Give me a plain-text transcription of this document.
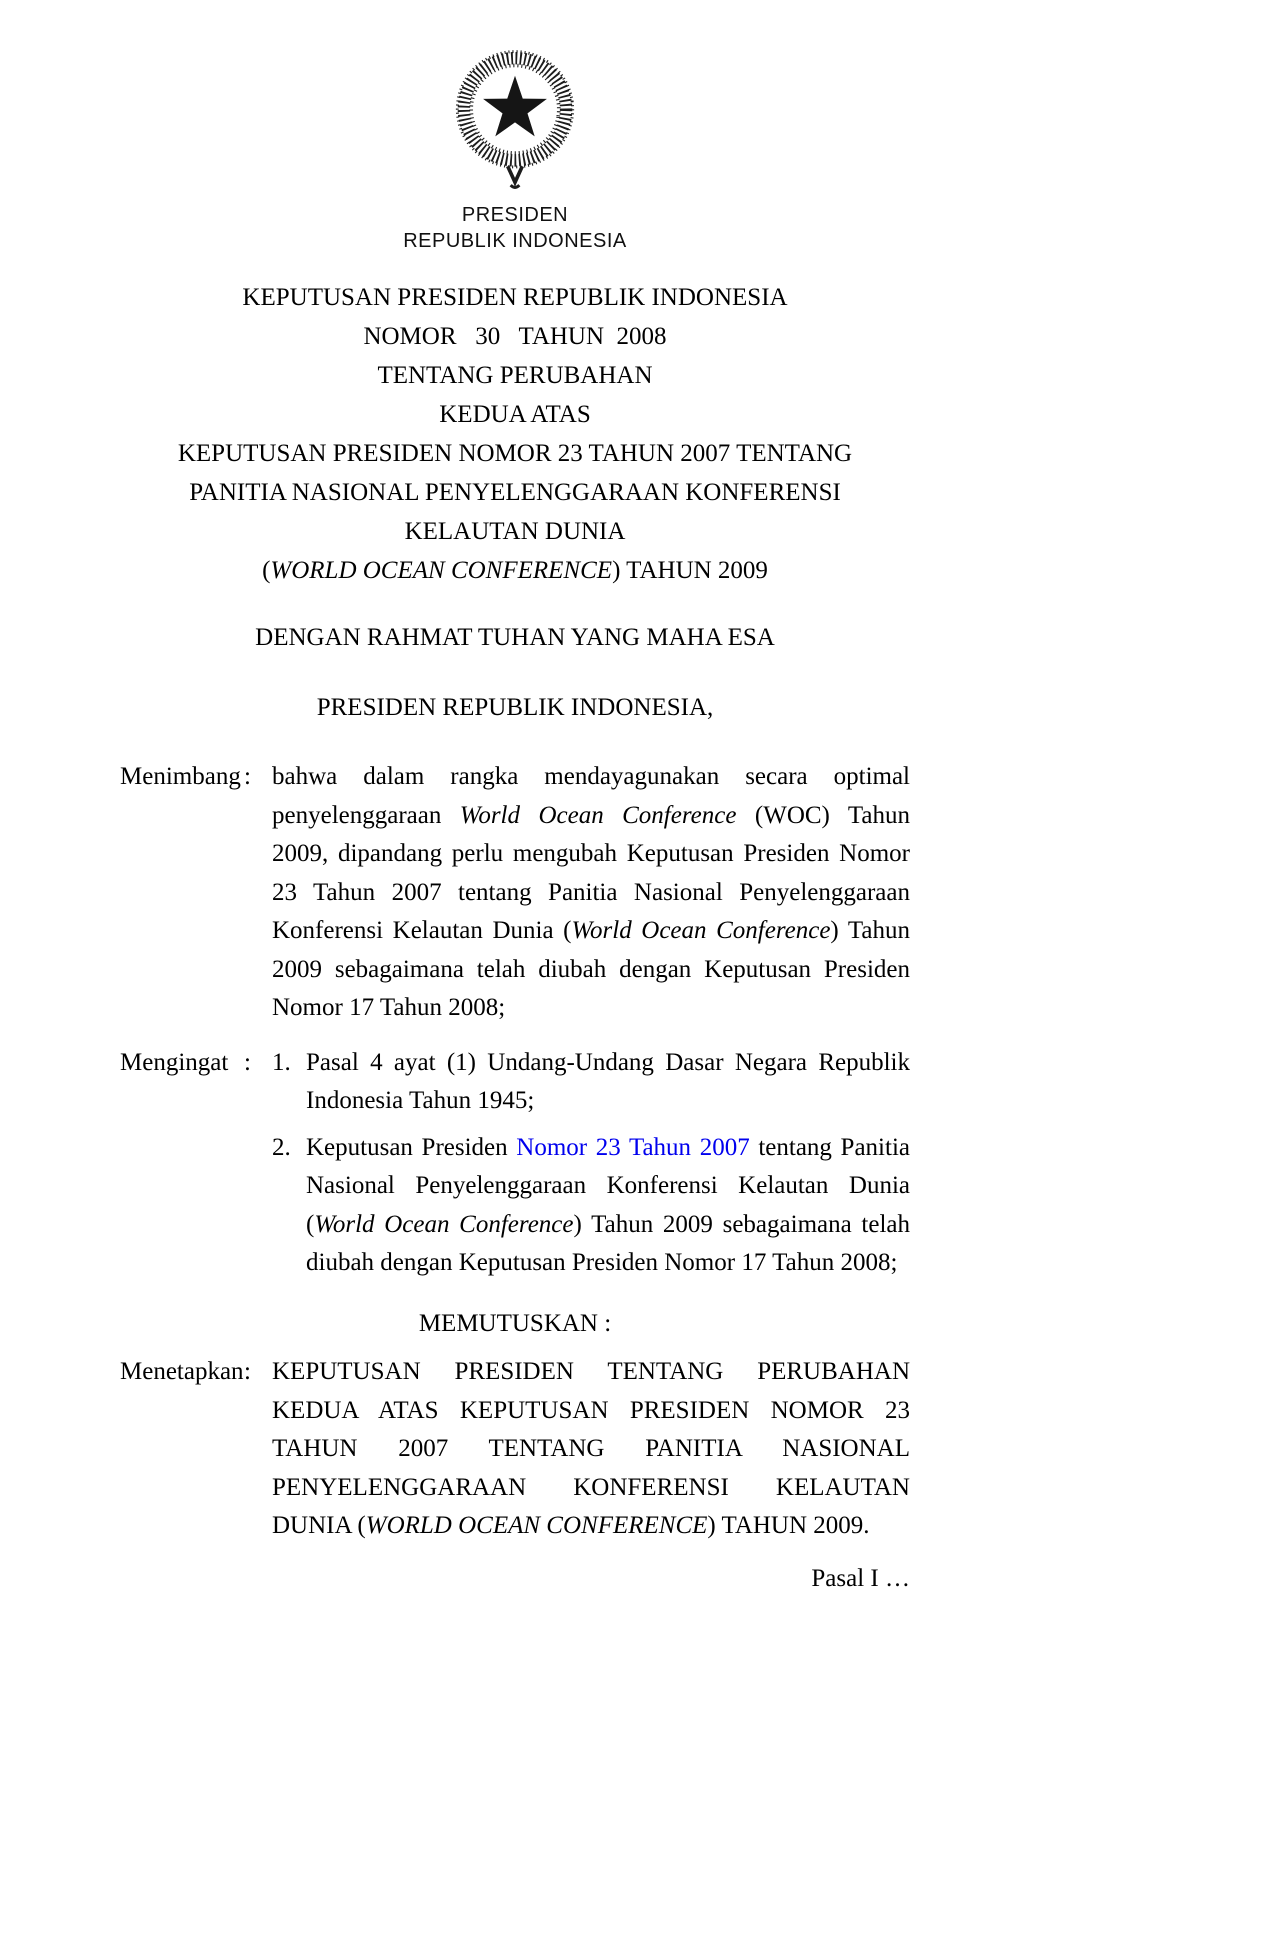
PRESIDEN
REPUBLIK INDONESIA
KEPUTUSAN PRESIDEN REPUBLIK INDONESIA
NOMOR   30   TAHUN  2008
TENTANG PERUBAHAN
KEDUA ATAS
KEPUTUSAN PRESIDEN NOMOR 23 TAHUN 2007 TENTANG
PANITIA NASIONAL PENYELENGGARAAN KONFERENSI KELAUTAN DUNIA
(WORLD OCEAN CONFERENCE) TAHUN 2009
DENGAN RAHMAT TUHAN YANG MAHA ESA
PRESIDEN REPUBLIK INDONESIA,
Menimbang : bahwa dalam rangka mendayagunakan secara optimal penyelenggaraan World Ocean Conference (WOC) Tahun 2009, dipandang perlu mengubah Keputusan Presiden Nomor 23 Tahun 2007 tentang Panitia Nasional Penyelenggaraan Konferensi Kelautan Dunia (World Ocean Conference) Tahun 2009 sebagaimana telah diubah dengan Keputusan Presiden Nomor 17 Tahun 2008;
Mengingat : 1. Pasal 4 ayat (1) Undang-Undang Dasar Negara Republik Indonesia Tahun 1945;
2. Keputusan Presiden Nomor 23 Tahun 2007 tentang Panitia Nasional Penyelenggaraan Konferensi Kelautan Dunia (World Ocean Conference) Tahun 2009 sebagaimana telah diubah dengan Keputusan Presiden Nomor 17 Tahun 2008;
MEMUTUSKAN :
Menetapkan : KEPUTUSAN PRESIDEN TENTANG PERUBAHAN KEDUA ATAS KEPUTUSAN PRESIDEN NOMOR 23 TAHUN 2007 TENTANG PANITIA NASIONAL PENYELENGGARAAN KONFERENSI KELAUTAN DUNIA (WORLD OCEAN CONFERENCE) TAHUN 2009.
Pasal I …
